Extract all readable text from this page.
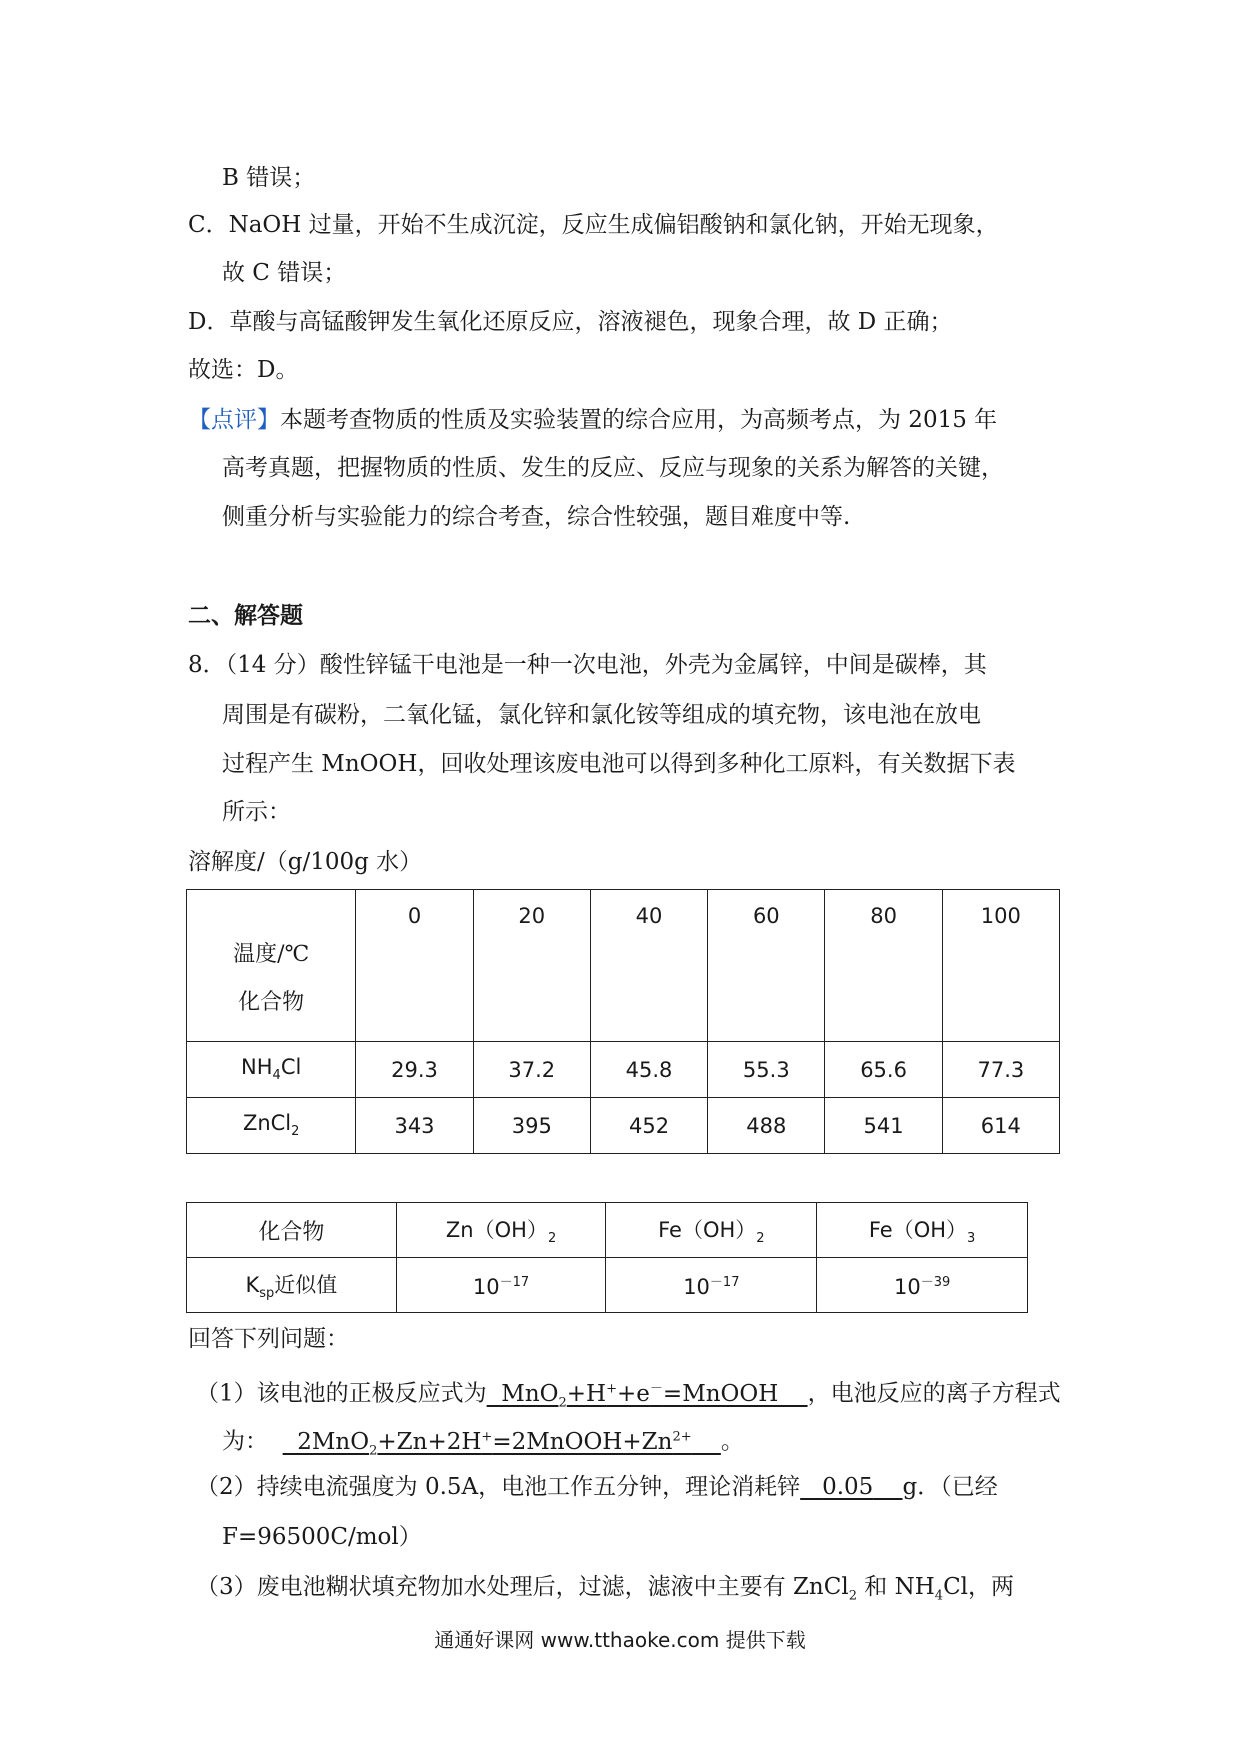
B 错误；
C．NaOH 过量，开始不生成沉淀，反应生成偏铝酸钠和氯化钠，开始无现象，
故 C 错误；
D．草酸与高锰酸钾发生氧化还原反应，溶液褪色，现象合理，故 D 正确；
故选：D。
【点评】本题考查物质的性质及实验装置的综合应用，为高频考点，为 2015 年
高考真题，把握物质的性质、发生的反应、反应与现象的关系为解答的关键，
侧重分析与实验能力的综合考查，综合性较强，题目难度中等.
二、解答题
8．（14 分）酸性锌锰干电池是一种一次电池，外壳为金属锌，中间是碳棒，其
周围是有碳粉，二氧化锰，氯化锌和氯化铵等组成的填充物，该电池在放电
过程产生 MnOOH，回收处理该废电池可以得到多种化工原料，有关数据下表
所示：
溶解度/（g/100g 水）
温度/℃
化合物	0	20	40	60	80	100
$NH_4Cl$	29.3	37.2	45.8	55.3	65.6	77.3
ZnCl$_2$	343	395	452	488	541	614
化合物	$Zn(OH)_2$	$Fe(OH)_2$	$Fe(OH)_3$
$K_{sp}$近似值	$10^{-17}$	$10^{-17}$	$10^{-39}$
回答下列问题：
（1）该电池的正极反应式为  MnO$_2$+H++e－=MnOOH    ，电池反应的离子方程式
为：    $2MnO_2+Zn+2H^+=2MnOOH+Zn^{2+}$ 。
（2）持续电流强度为 0.5A，电池工作五分钟，理论消耗锌 0.05 g．（已经
F=96500C/mol）
（3）废电池糊状填充物加水处理后，过滤，滤液中主要有 ZnCl$_2$ 和 $NH_4Cl$，两
通通好课网 www.tthaoke.com 提供下载
